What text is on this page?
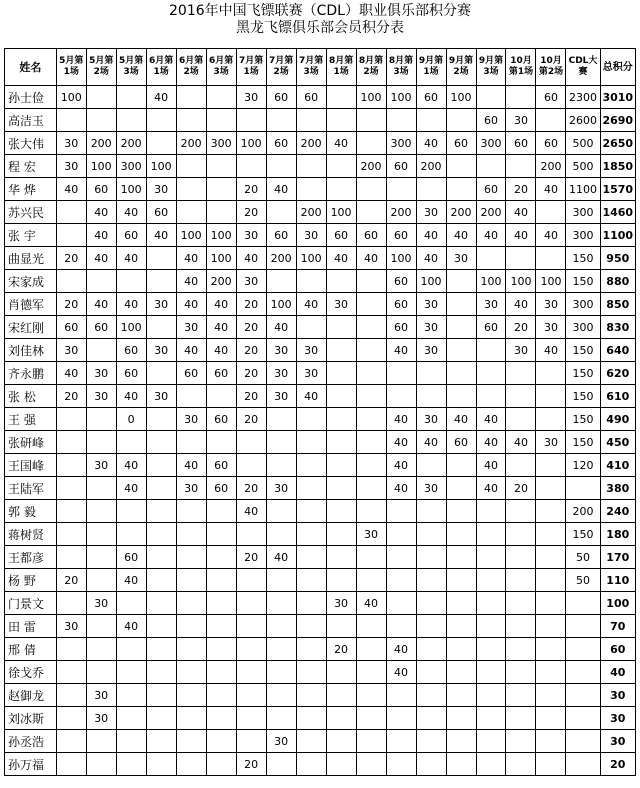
2016年中国飞镖联赛（CDL）职业俱乐部积分赛
黑龙飞镖俱乐部会员积分表
姓名	5月第1场	5月第2场	5月第3场	6月第1场	6月第2场	6月第3场	7月第1场	7月第2场	7月第3场	8月第1场	8月第2场	8月第3场	9月第1场	9月第2场	9月第3场	10月第1场	10月第2场	CDL大赛	总积分
孙士俭	100			40			30	60	60		100	100	60	100			60	2300	3010
高洁玉															60	30		2600	2690
张大伟	30	200	200		200	300	100	60	200	40		300	40	60	300	60	60	500	2650
程 宏	30	100	300	100							200	60	200				200	500	1850
华 烨	40	60	100	30			20	40							60	20	40	1100	1570
苏兴民		40	40	60			20		200	100		200	30	200	200	40		300	1460
张 宇		40	60	40	100	100	30	60	30	60	60	60	40	40	40	40	40	300	1100
曲显光	20	40	40		40	100	40	200	100	40	40	100	40	30				150	950
宋家成					40	200	30					60	100		100	100	100	150	880
肖德军	20	40	40	30	40	40	20	100	40	30		60	30		30	40	30	300	850
宋红刚	60	60	100		30	40	20	40				60	30		60	20	30	300	830
刘佳林	30		60	30	40	40	20	30	30			40	30			30	40	150	640
齐永鹏	40	30	60		60	60	20	30	30									150	620
张 松	20	30	40	30			20	30	40									150	610
王 强			0		30	60	20					40	30	40	40			150	490
张研峰												40	40	60	40	40	30	150	450
王国峰		30	40		40	60						40			40			120	410
王陆军			40		30	60	20	30				40	30		40	20			380
郭 毅							40											200	240
蒋树贤											30							150	180
王都彦			60				20	40										50	170
杨 野	20		40															50	110
门景文		30								30	40								100
田 雷	30		40																70
邢 倩										20		40							60
徐戈乔												40							40
赵御龙		30																	30
刘冰斯		30																	30
孙丞浩								30											30
孙万福							20												20
